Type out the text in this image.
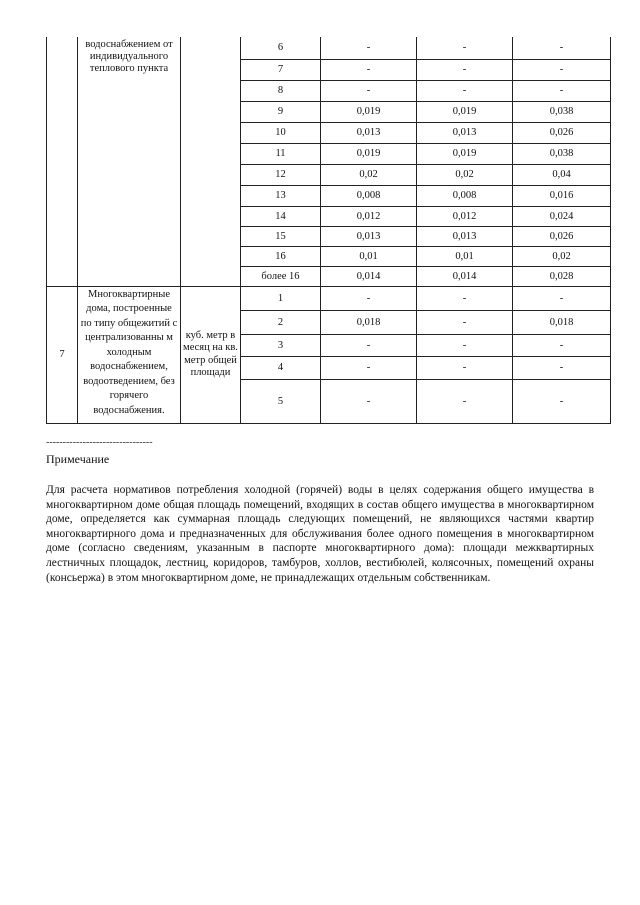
	водоснабжением от индивидуального теплового пункта		6	-	-	-
			7	-	-	-
			8	-	-	-
			9	0,019	0,019	0,038
			10	0,013	0,013	0,026
			11	0,019	0,019	0,038
			12	0,02	0,02	0,04
			13	0,008	0,008	0,016
			14	0,012	0,012	0,024
			15	0,013	0,013	0,026
			16	0,01	0,01	0,02
			более 16	0,014	0,014	0,028
7	Многоквартирные дома, построенные по типу общежитий с централизованны м холодным водоснабжением, водоотведением, без горячего водоснабжения.	куб. метр в месяц на кв. метр общей площади	1	-	-	-
			2	0,018	-	0,018
			3	-	-	-
			4	-	-	-
			5	-	-	-
--------------------------------
Примечание

Для расчета нормативов потребления холодной (горячей) воды в целях содержания общего имущества в многоквартирном доме общая площадь помещений, входящих в состав общего имущества в многоквартирном доме, определяется как суммарная площадь следующих помещений, не являющихся частями квартир многоквартирного дома и предназначенных для обслуживания более одного помещения в многоквартирном доме (согласно сведениям, указанным в паспорте многоквартирного дома): площади межквартирных лестничных площадок, лестниц, коридоров, тамбуров, холлов, вестибюлей, колясочных, помещений охраны (консьержа) в этом многоквартирном доме, не принадлежащих отдельным собственникам.
